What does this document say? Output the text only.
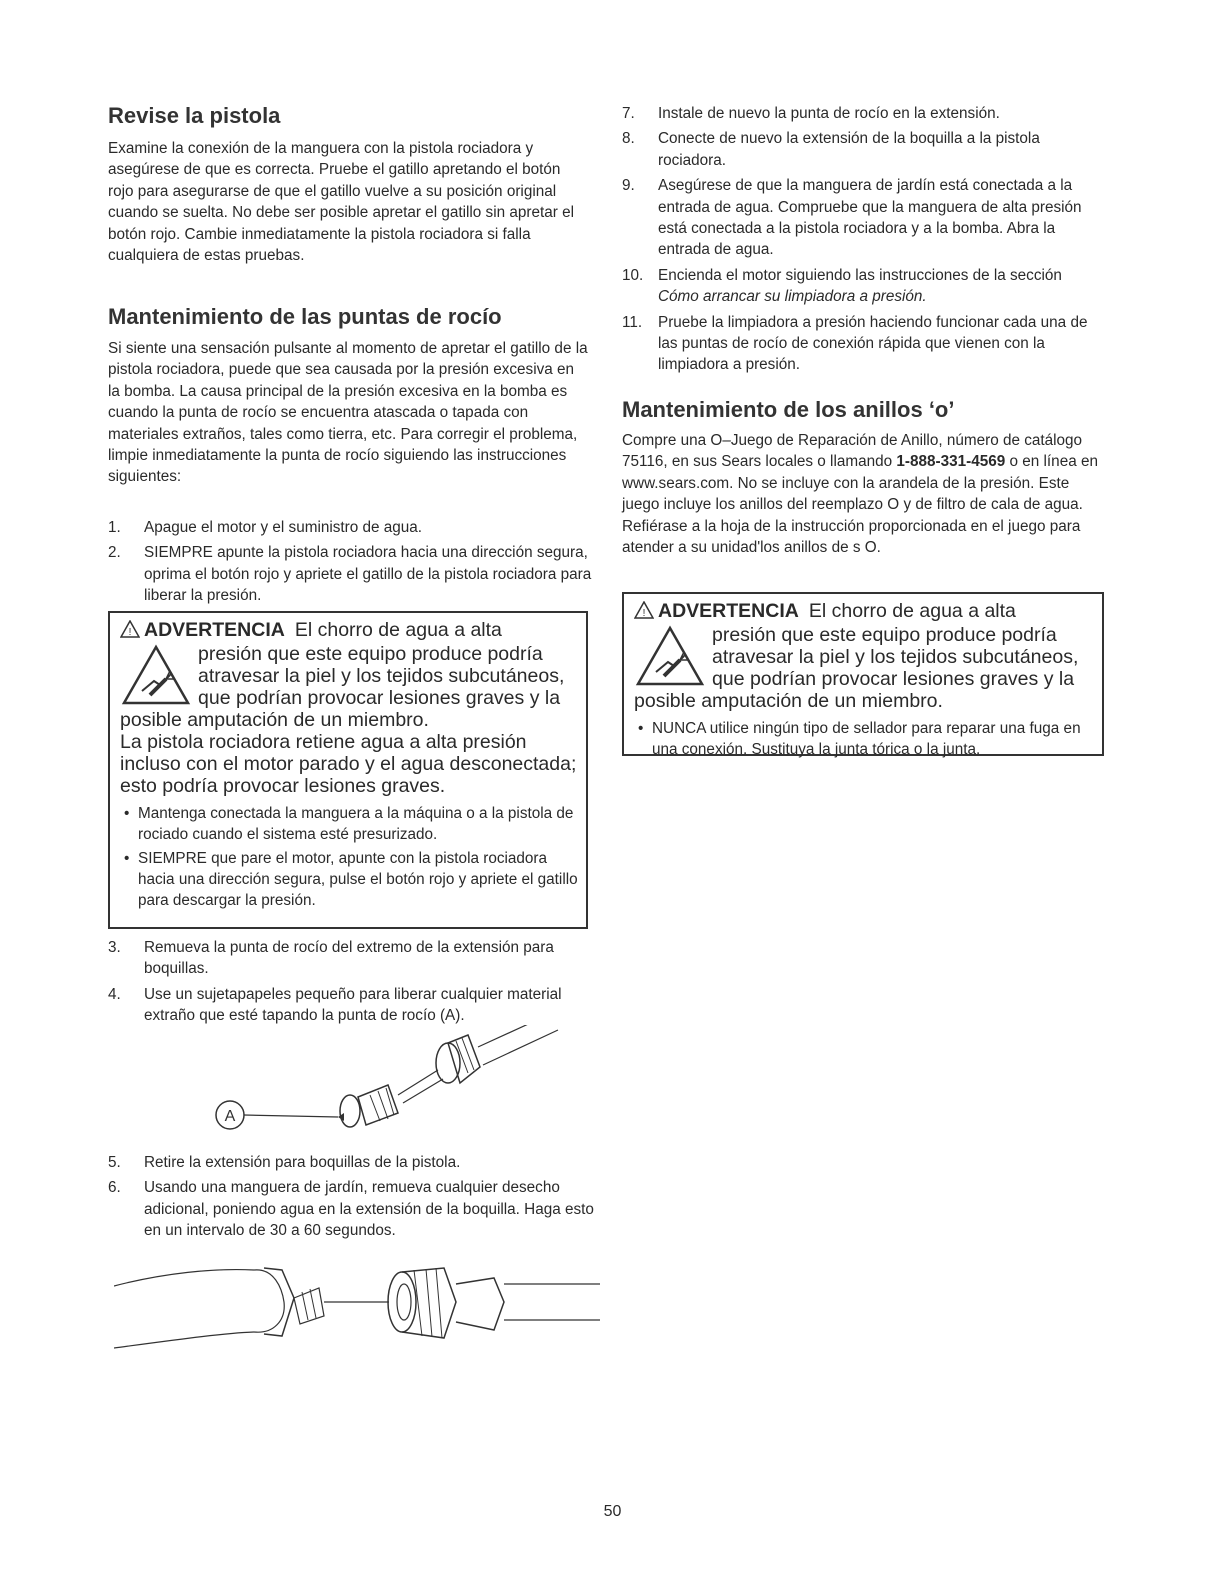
Revise la pistola

Examine la conexión de la manguera con la pistola rociadora y asegúrese de que es correcta. Pruebe el gatillo apretando el botón rojo para asegurarse de que el gatillo vuelve a su posición original cuando se suelta. No debe ser posible apretar el gatillo sin apretar el botón rojo. Cambie inmediatamente la pistola rociadora si falla cualquiera de estas pruebas.

Mantenimiento de las puntas de rocío

Si siente una sensación pulsante al momento de apretar el gatillo de la pistola rociadora, puede que sea causada por la presión excesiva en la bomba. La causa principal de la presión excesiva en la bomba es cuando la punta de rocío se encuentra atascada o tapada con materiales extraños, tales como tierra, etc. Para corregir el problema, limpie inmediatamente la punta de rocío siguiendo las instrucciones siguientes:

1. Apague el motor y el suministro de agua.
2. SIEMPRE apunte la pistola rociadora hacia una dirección segura, oprima el botón rojo y apriete el gatillo de la pistola rociadora para liberar la presión.
! ADVERTENCIA El chorro de agua a alta
presión que este equipo produce podría atravesar la piel y los tejidos subcutáneos, que podrían provocar lesiones graves y la posible amputación de un miembro.
La pistola rociadora retiene agua a alta presión incluso con el motor parado y el agua desconectada; esto podría provocar lesiones graves.
• Mantenga conectada la manguera a la máquina o a la pistola de rociado cuando el sistema esté presurizado.
• SIEMPRE que pare el motor, apunte con la pistola rociadora hacia una dirección segura, pulse el botón rojo y apriete el gatillo para descargar la presión.
3. Remueva la punta de rocío del extremo de la extensión para boquillas.
4. Use un sujetapapeles pequeño para liberar cualquier material extraño que esté tapando la punta de rocío (A).
A
5. Retire la extensión para boquillas de la pistola.
6. Usando una manguera de jardín, remueva cualquier desecho adicional, poniendo agua en la extensión de la boquilla. Haga esto en un intervalo de 30 a 60 segundos.
7. Instale de nuevo la punta de rocío en la extensión.
8. Conecte de nuevo la extensión de la boquilla a la pistola rociadora.
9. Asegúrese de que la manguera de jardín está conectada a la entrada de agua. Compruebe que la manguera de alta presión está conectada a la pistola rociadora y a la bomba. Abra la entrada de agua.
10. Encienda el motor siguiendo las instrucciones de la sección Cómo arrancar su limpiadora a presión.
11. Pruebe la limpiadora a presión haciendo funcionar cada una de las puntas de rocío de conexión rápida que vienen con la limpiadora a presión.
Mantenimiento de los anillos ‘o’

Compre una O–Juego de Reparación de Anillo, número de catálogo 75116, en sus Sears locales o llamando 1-888-331-4569 o en línea en www.sears.com. No se incluye con la arandela de la presión. Este juego incluye los anillos del reemplazo O y de filtro de cala de agua. Refiérase a la hoja de la instrucción proporcionada en el juego para atender a su unidad'los anillos de s O.

! ADVERTENCIA El chorro de agua a alta
presión que este equipo produce podría atravesar la piel y los tejidos subcutáneos, que podrían provocar lesiones graves y la posible amputación de un miembro.
• NUNCA utilice ningún tipo de sellador para reparar una fuga en una conexión. Sustituya la junta tórica o la junta.
50
